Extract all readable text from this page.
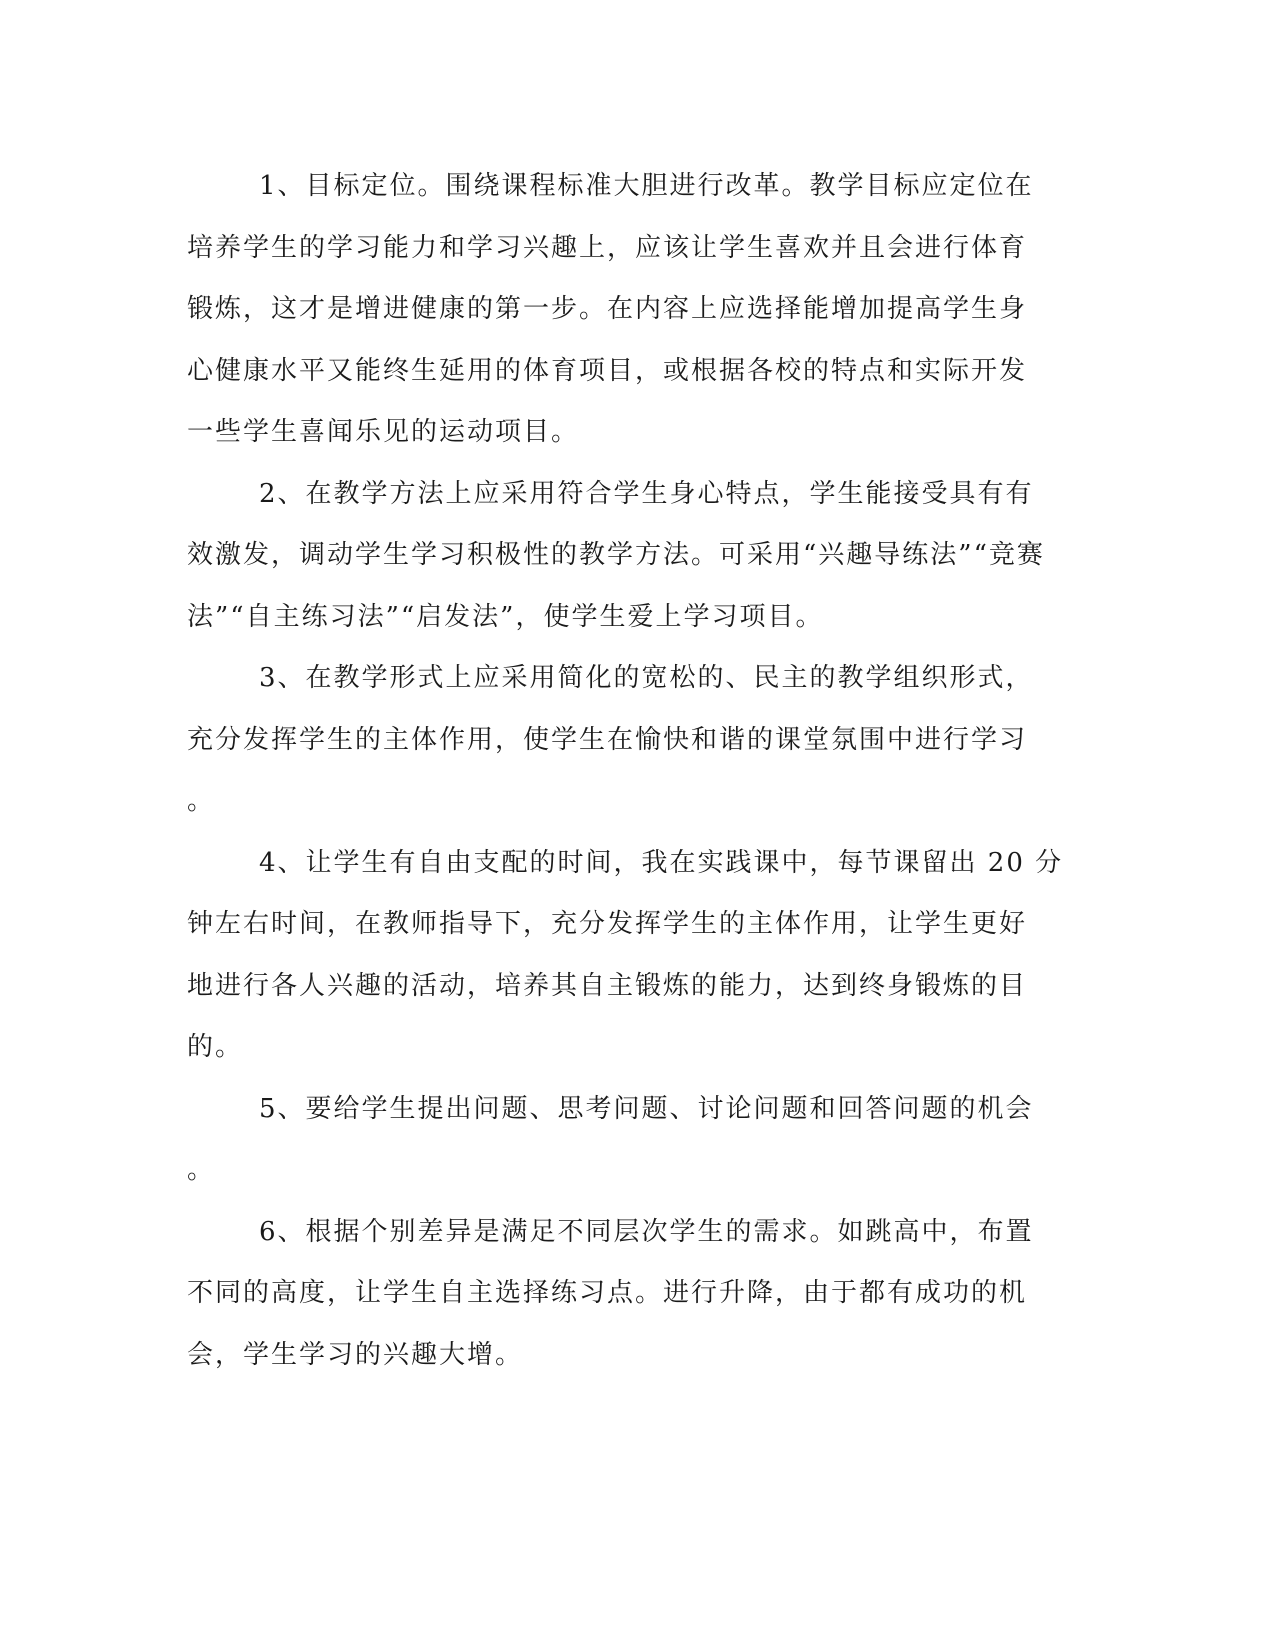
1、目标定位。围绕课程标准大胆进行改革。教学目标应定位在
培养学生的学习能力和学习兴趣上，应该让学生喜欢并且会进行体育
锻炼，这才是增进健康的第一步。在内容上应选择能增加提高学生身
心健康水平又能终生延用的体育项目，或根据各校的特点和实际开发
一些学生喜闻乐见的运动项目。
2、在教学方法上应采用符合学生身心特点，学生能接受具有有
效激发，调动学生学习积极性的教学方法。可采用“兴趣导练法”“竞赛
法”“自主练习法”“启发法”，使学生爱上学习项目。
3、在教学形式上应采用简化的宽松的、民主的教学组织形式，
充分发挥学生的主体作用，使学生在愉快和谐的课堂氛围中进行学习
。
4、让学生有自由支配的时间，我在实践课中，每节课留出 20 分
钟左右时间，在教师指导下，充分发挥学生的主体作用，让学生更好
地进行各人兴趣的活动，培养其自主锻炼的能力，达到终身锻炼的目
的。
5、要给学生提出问题、思考问题、讨论问题和回答问题的机会
。
6、根据个别差异是满足不同层次学生的需求。如跳高中，布置
不同的高度，让学生自主选择练习点。进行升降，由于都有成功的机
会，学生学习的兴趣大增。
